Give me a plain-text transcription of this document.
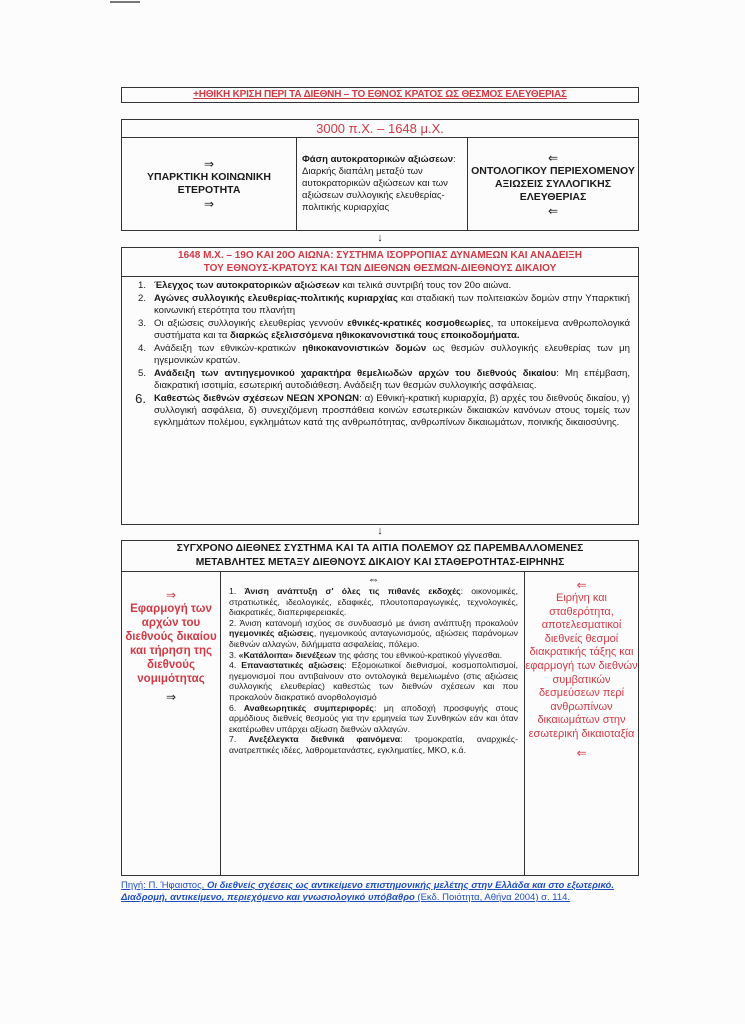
+ΗΘΙΚΗ ΚΡΙΣΗ ΠΕΡΙ ΤΑ ΔΙΕΘΝΗ – ΤΟ ΕΘΝΟΣ ΚΡΑΤΟΣ ΩΣ ΘΕΣΜΟΣ ΕΛΕΥΘΕΡΙΑΣ
3000 π.Χ. – 1648 μ.Χ.
⇒
ΥΠΑΡΚΤΙΚΗ ΚΟΙΝΩΝΙΚΗ ΕΤΕΡΟΤΗΤΑ
⇒
Φάση αυτοκρατορικών αξιώσεων: Διαρκής διαπάλη μεταξύ των αυτοκρατορικών αξιώσεων και των αξιώσεων συλλογικής ελευθερίας-πολιτικής κυριαρχίας
⇐
ΟΝΤΟΛΟΓΙΚΟΥ ΠΕΡΙΕΧΟΜΕΝΟΥ ΑΞΙΩΣΕΙΣ ΣΥΛΛΟΓΙΚΗΣ ΕΛΕΥΘΕΡΙΑΣ
⇐
↓
1648 Μ.Χ. – 19Ο ΚΑΙ 20Ο ΑΙΩΝΑ: ΣΥΣΤΗΜΑ ΙΣΟΡΡΟΠΙΑΣ ΔΥΝΑΜΕΩΝ ΚΑΙ ΑΝΑΔΕΙΞΗ
ΤΟΥ ΕΘΝΟΥΣ-ΚΡΑΤΟΥΣ ΚΑΙ ΤΩΝ ΔΙΕΘΝΩΝ ΘΕΣΜΩΝ-ΔΙΕΘΝΟΥΣ ΔΙΚΑΙΟΥ
1. Έλεγχος των αυτοκρατορικών αξιώσεων και τελικά συντριβή τους τον 20ο αιώνα.
2. Αγώνες συλλογικής ελευθερίας-πολιτικής κυριαρχίας και σταδιακή των πολιτειακών δομών στην Υπαρκτική κοινωνική ετερότητα του πλανήτη
3. Οι αξιώσεις συλλογικής ελευθερίας γεννούν εθνικές-κρατικές κοσμοθεωρίες, τα υποκείμενα ανθρωπολογικά συστήματα και τα διαρκώς εξελισσόμενα ηθικοκανονιστικά τους εποικοδομήματα.
4. Ανάδειξη των εθνικών-κρατικών ηθικοκανονιστικών δομών ως θεσμών συλλογικής ελευθερίας των μη ηγεμονικών κρατών.
5. Ανάδειξη των αντιηγεμονικού χαρακτήρα θεμελιωδών αρχών του διεθνούς δικαίου: Μη επέμβαση, διακρατική ισοτιμία, εσωτερική αυτοδιάθεση. Ανάδειξη των θεσμών συλλογικής ασφάλειας.
6. Καθεστώς διεθνών σχέσεων ΝΕΩΝ ΧΡΟΝΩΝ: α) Εθνική-κρατική κυριαρχία, β) αρχές του διεθνούς δικαίου, γ) συλλογική ασφάλεια, δ) συνεχιζόμενη προσπάθεια κοινών εσωτερικών δικαιακών κανόνων στους τομείς των εγκλημάτων πολέμου, εγκλημάτων κατά της ανθρωπότητας, ανθρωπίνων δικαιωμάτων, ποινικής δικαιοσύνης.
↓
ΣΥΓΧΡΟΝΟ ΔΙΕΘΝΕΣ ΣΥΣΤΗΜΑ ΚΑΙ ΤΑ ΑΙΤΙΑ ΠΟΛΕΜΟΥ ΩΣ ΠΑΡΕΜΒΑΛΛΟΜΕΝΕΣ
ΜΕΤΑΒΛΗΤΕΣ ΜΕΤΑΞΥ ΔΙΕΘΝΟΥΣ ΔΙΚΑΙΟΥ ΚΑΙ ΣΤΑΘΕΡΟΤΗΤΑΣ-ΕΙΡΗΝΗΣ
⇒
Εφαρμογή των αρχών του διεθνούς δικαίου και τήρηση της διεθνούς νομιμότητας
⇒
⇔

1. Άνιση ανάπτυξη σ' όλες τις πιθανές εκδοχές: οικονομικές, στρατιωτικές, ιδεολογικές, εδαφικές, πλουτοπαραγωγικές, τεχνολογικές, διακρατικές, διαπεριφερειακές.

2. Άνιση κατανομή ισχύος σε συνδυασμό με άνιση ανάπτυξη προκαλούν ηγεμονικές αξιώσεις, ηγεμονικούς ανταγωνισμούς, αξιώσεις παράνομων διεθνών αλλαγών, διλήμματα ασφαλείας, πόλεμο.

3. «Κατάλοιπα» διενέξεων της φάσης του εθνικού-κρατικού γίγνεσθαι.

4. Επαναστατικές αξιώσεις: Εξομοιωτικοί διεθνισμοί, κοσμοπολιτισμοί, ηγεμονισμοί που αντιβαίνουν στο οντολογικά θεμελιωμένο (στις αξιώσεις συλλογικής ελευθερίας) καθεστώς των διεθνών σχέσεων και που προκαλούν διακρατικό ανορθολογισμό

6. Αναθεωρητικές συμπεριφορές: μη αποδοχή προσφυγής στους αρμόδιους διεθνείς θεσμούς για την ερμηνεία των Συνθηκών εάν και όταν εκατέρωθεν υπάρχει αξίωση διεθνών αλλαγών.

7. Ανεξέλεγκτα διεθνικά φαινόμενα: τρομοκρατία, αναρχικές-ανατρεπτικές ιδέες, λαθρομετανάστες, εγκληματίες, ΜΚΟ, κ.ά.

⇐
Ειρήνη και σταθερότητα, αποτελεσματικοί διεθνείς θεσμοί διακρατικής τάξης και εφαρμογή των διεθνών συμβατικών δεσμεύσεων περί ανθρωπίνων δικαιωμάτων στην εσωτερική δικαιοταξία
⇐
Πηγή: Π. Ήφαιστος, Οι διεθνείς σχέσεις ως αντικείμενο επιστημονικής μελέτης στην Ελλάδα και στο εξωτερικό. Διαδρομή, αντικείμενο, περιεχόμενο και γνωσιολογικό υπόβαθρο (Εκδ. Ποιότητα, Αθήνα 2004) σ. 114.
